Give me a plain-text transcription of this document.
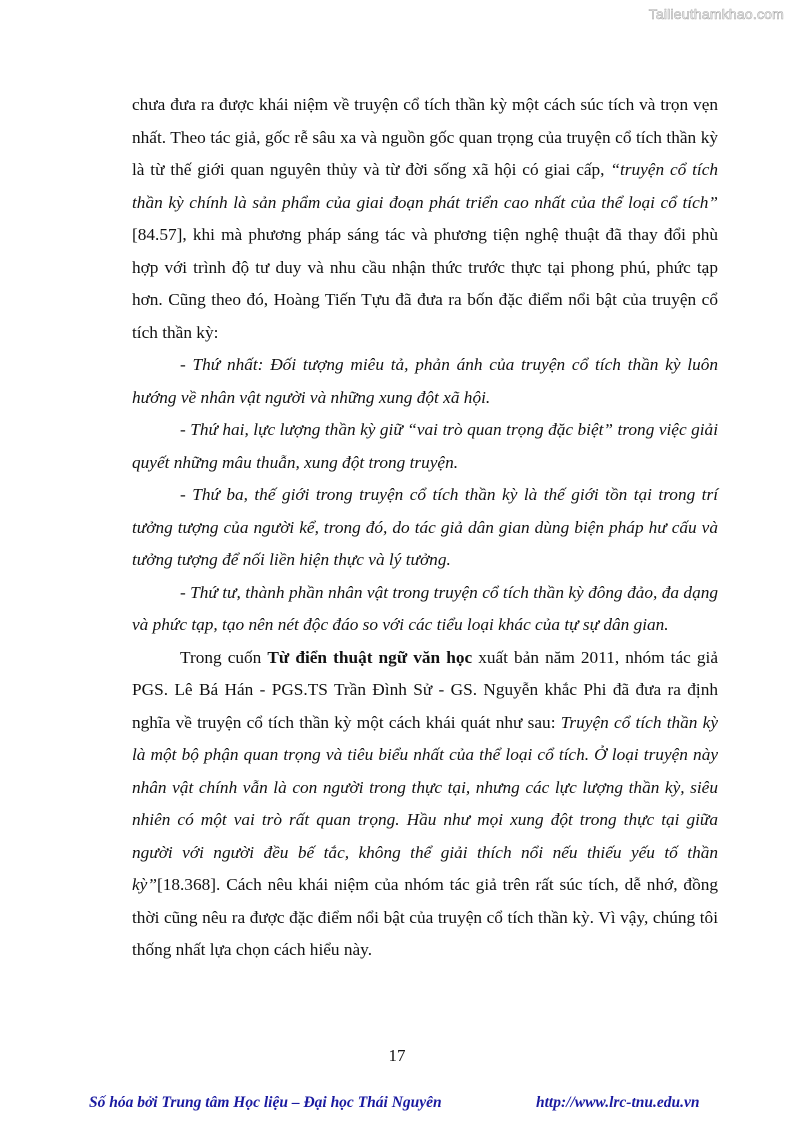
Tailieuthamkhao.com

chưa đưa ra được khái niệm về truyện cổ tích thần kỳ một cách súc tích và trọn vẹn nhất. Theo tác giả, gốc rễ sâu xa và nguồn gốc quan trọng của truyện cổ tích thần kỳ là từ thế giới quan nguyên thủy và từ đời sống xã hội có giai cấp, “truyện cổ tích thần kỳ chính là sản phẩm của giai đoạn phát triển cao nhất của thể loại cổ tích” [84.57], khi mà phương pháp sáng tác và phương tiện nghệ thuật đã thay đổi phù hợp với trình độ tư duy và nhu cầu nhận thức trước thực tại phong phú, phức tạp hơn. Cũng theo đó, Hoàng Tiến Tựu đã đưa ra bốn đặc điểm nổi bật của truyện cổ tích thần kỳ:

- Thứ nhất: Đối tượng miêu tả, phản ánh của truyện cổ tích thần kỳ luôn hướng về nhân vật người và những xung đột xã hội.

- Thứ hai, lực lượng thần kỳ giữ “vai trò quan trọng đặc biệt” trong việc giải quyết những mâu thuẫn, xung đột trong truyện.

- Thứ ba, thế giới trong truyện cổ tích thần kỳ là thế giới tồn tại trong trí tưởng tượng của người kể, trong đó, do tác giả dân gian dùng biện pháp hư cấu và tưởng tượng để nối liền hiện thực và lý tưởng.

- Thứ tư, thành phần nhân vật trong truyện cổ tích thần kỳ đông đảo, đa dạng và phức tạp, tạo nên nét độc đáo so với các tiểu loại khác của tự sự dân gian.

Trong cuốn Từ điển thuật ngữ văn học xuất bản năm 2011, nhóm tác giả PGS. Lê Bá Hán - PGS.TS Trần Đình Sử - GS. Nguyễn khắc Phi đã đưa ra định nghĩa về truyện cổ tích thần kỳ một cách khái quát như sau: Truyện cổ tích thần kỳ là một bộ phận quan trọng và tiêu biểu nhất của thể loại cổ tích. Ở loại truyện này nhân vật chính vẫn là con người trong thực tại, nhưng các lực lượng thần kỳ, siêu nhiên có một vai trò rất quan trọng. Hầu như mọi xung đột trong thực tại giữa người với người đều bế tắc, không thể giải thích nổi nếu thiếu yếu tố thần kỳ”[18.368]. Cách nêu khái niệm của nhóm tác giả trên rất súc tích, dễ nhớ, đồng thời cũng nêu ra được đặc điểm nổi bật của truyện cổ tích thần kỳ. Vì vậy, chúng tôi thống nhất lựa chọn cách hiểu này.

17
Số hóa bởi Trung tâm Học liệu – Đại học Thái Nguyên	http://www.lrc-tnu.edu.vn
